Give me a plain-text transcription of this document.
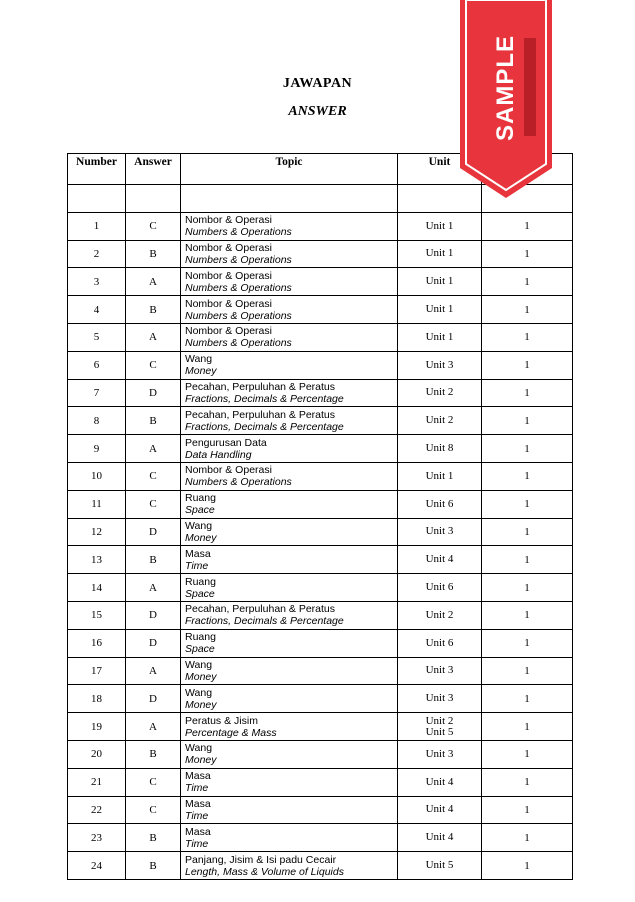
JAWAPAN
ANSWER
Number	Answer	Topic	Unit	

1	C	Nombor & Operasi
Numbers & Operations	Unit 1	1
2	B	Nombor & Operasi
Numbers & Operations	Unit 1	1
3	A	Nombor & Operasi
Numbers & Operations	Unit 1	1
4	B	Nombor & Operasi
Numbers & Operations	Unit 1	1
5	A	Nombor & Operasi
Numbers & Operations	Unit 1	1
6	C	Wang
Money	Unit 3	1
7	D	Pecahan, Perpuluhan & Peratus
Fractions, Decimals & Percentage	Unit 2	1
8	B	Pecahan, Perpuluhan & Peratus
Fractions, Decimals & Percentage	Unit 2	1
9	A	Pengurusan Data
Data Handling	Unit 8	1
10	C	Nombor & Operasi
Numbers & Operations	Unit 1	1
11	C	Ruang
Space	Unit 6	1
12	D	Wang
Money	Unit 3	1
13	B	Masa
Time	Unit 4	1
14	A	Ruang
Space	Unit 6	1
15	D	Pecahan, Perpuluhan & Peratus
Fractions, Decimals & Percentage	Unit 2	1
16	D	Ruang
Space	Unit 6	1
17	A	Wang
Money	Unit 3	1
18	D	Wang
Money	Unit 3	1
19	A	Peratus & Jisim
Percentage & Mass	Unit 2
Unit 5	1
20	B	Wang
Money	Unit 3	1
21	C	Masa
Time	Unit 4	1
22	C	Masa
Time	Unit 4	1
23	B	Masa
Time	Unit 4	1
24	B	Panjang, Jisim & Isi padu Cecair
Length, Mass & Volume of Liquids	Unit 5	1
SAMPLE
